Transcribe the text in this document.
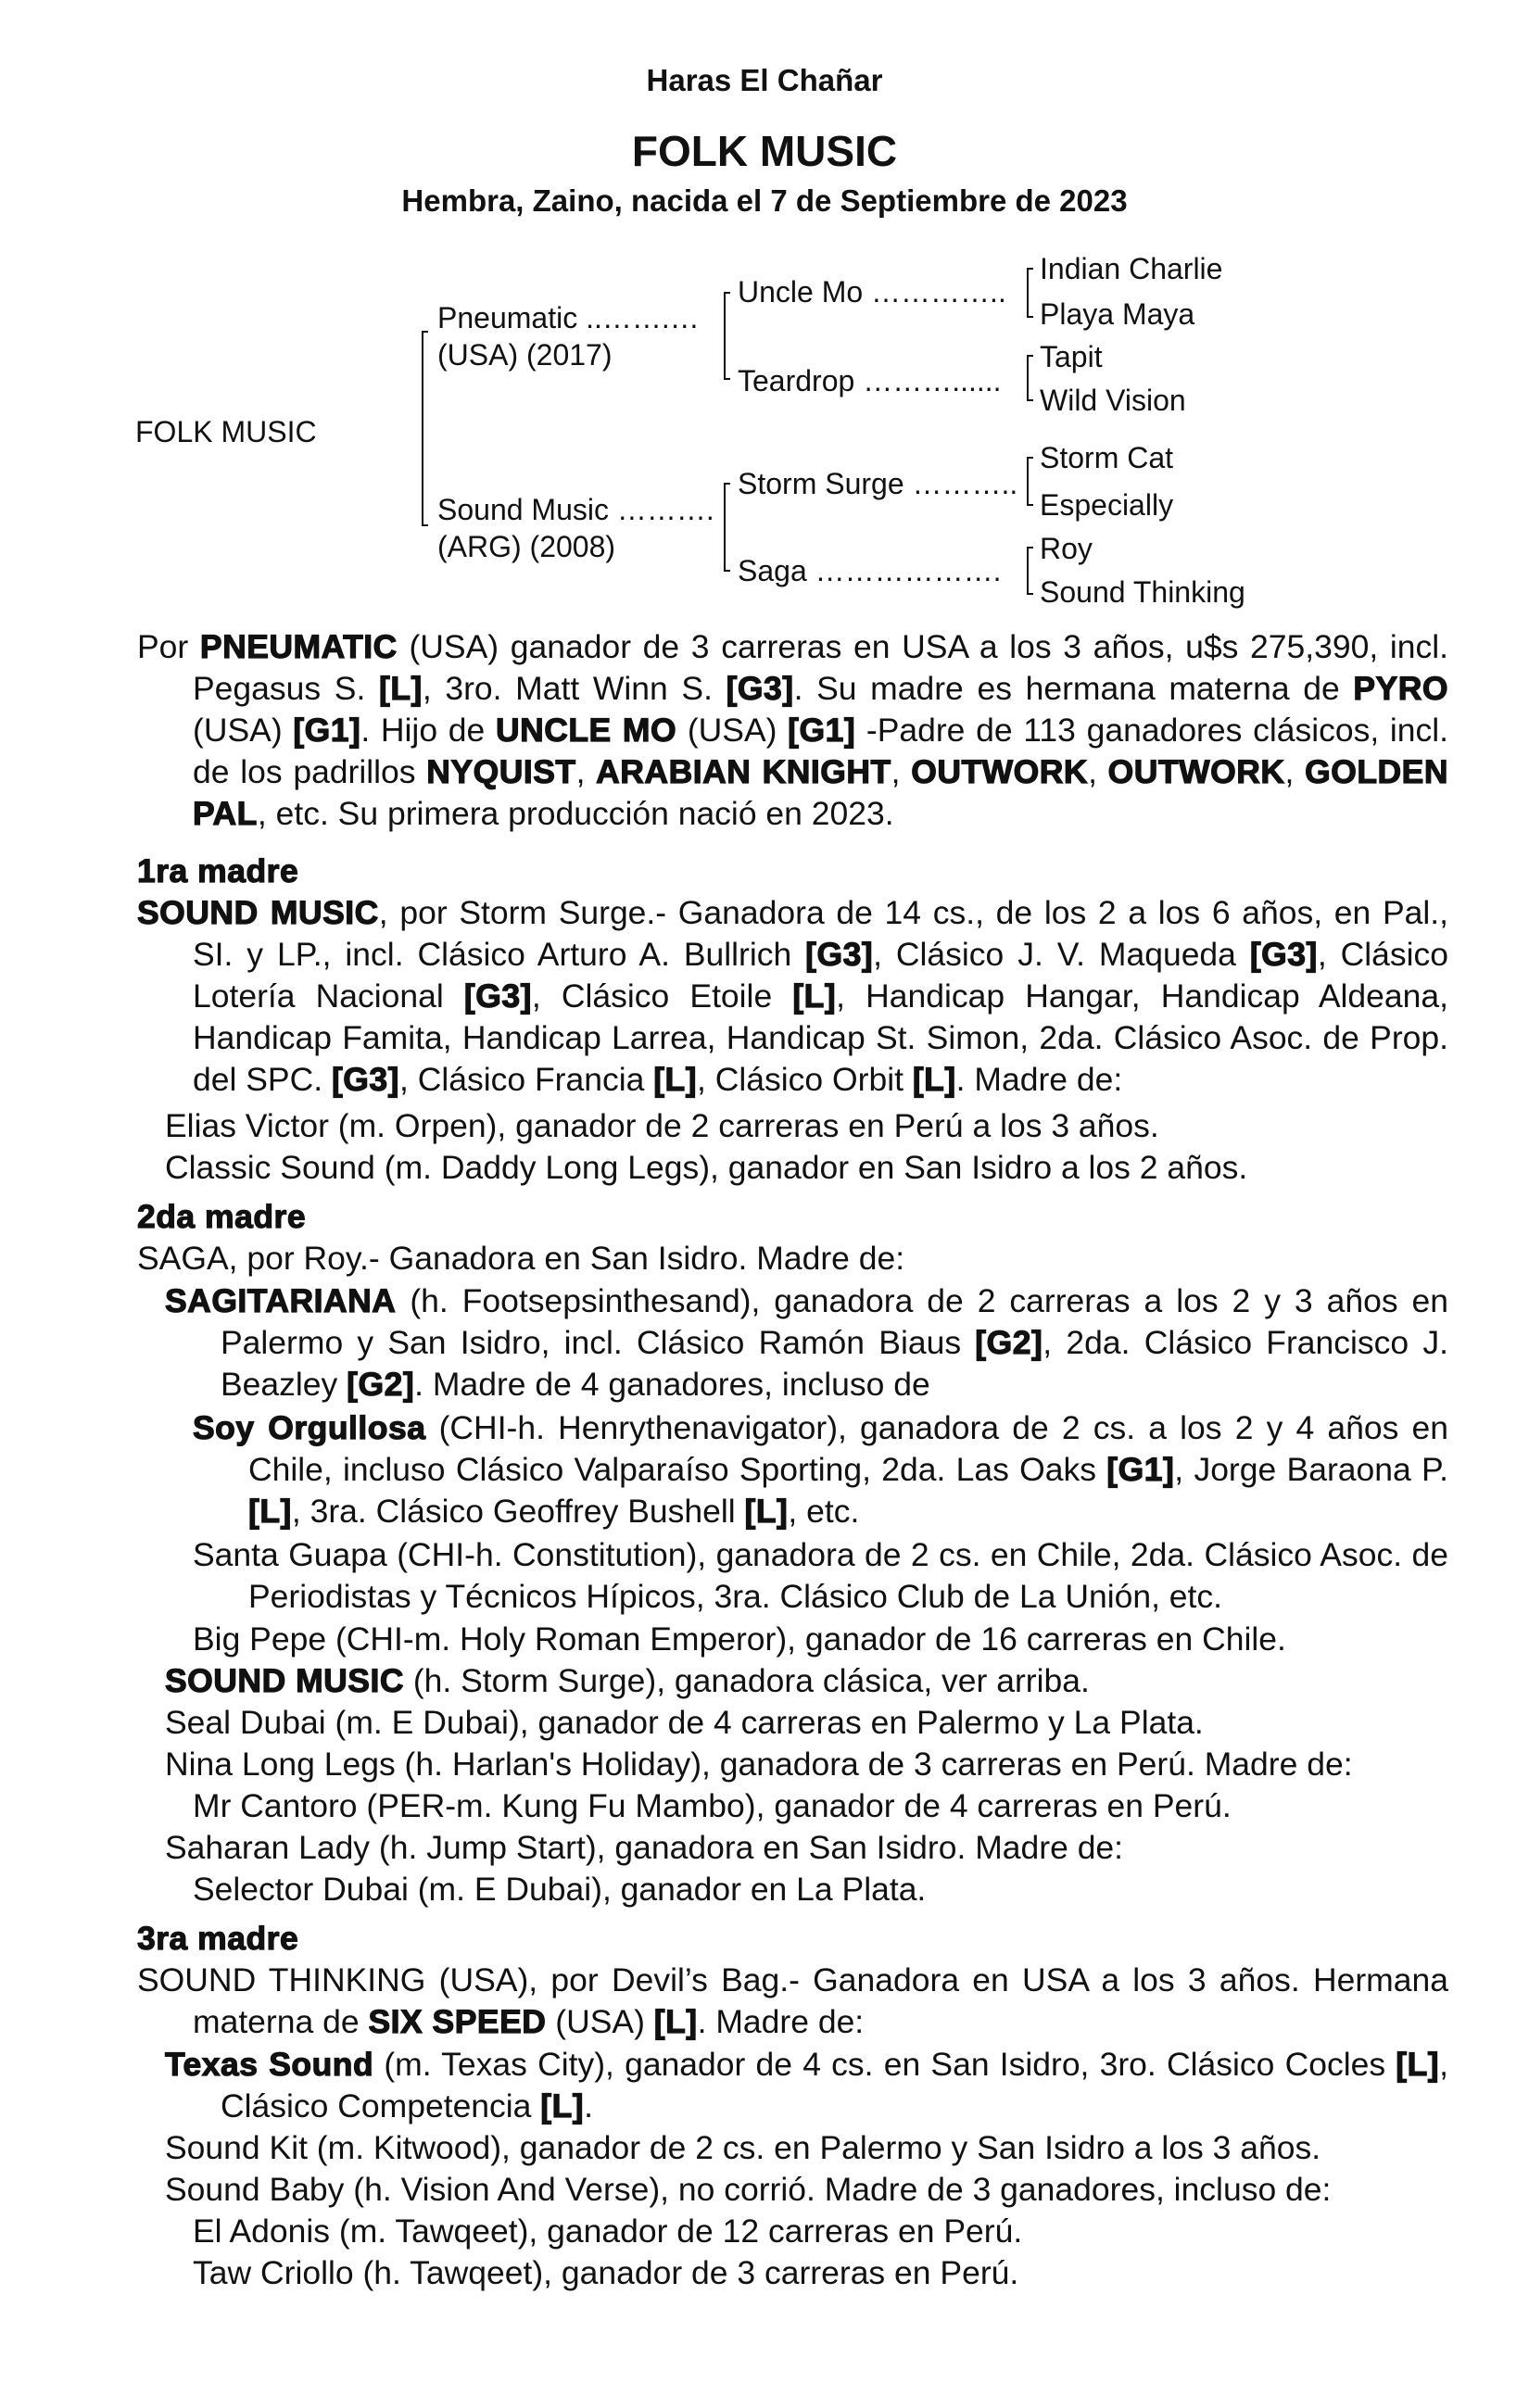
Haras El Chañar
FOLK MUSIC
Hembra, Zaino, nacida el 7 de Septiembre de 2023
FOLK MUSIC
Pneumatic ..…….…
(USA) (2017)
Sound Music ……….
(ARG) (2008)
Uncle Mo …………..
Teardrop ………......
Storm Surge ………..
Saga ……………….
Indian Charlie
Playa Maya
Tapit
Wild Vision
Storm Cat
Especially
Roy
Sound Thinking
Por PNEUMATIC (USA) ganador de 3 carreras en USA a los 3 años, u$s 275,390, incl. Pegasus S. [L], 3ro. Matt Winn S. [G3]. Su madre es hermana materna de PYRO (USA) [G1]. Hijo de UNCLE MO (USA) [G1] -Padre de 113 ganadores clásicos, incl. de los padrillos NYQUIST, ARABIAN KNIGHT, OUTWORK, OUTWORK, GOLDEN PAL, etc. Su primera producción nació en 2023.
1ra madre
SOUND MUSIC, por Storm Surge.- Ganadora de 14 cs., de los 2 a los 6 años, en Pal., SI. y LP., incl. Clásico Arturo A. Bullrich [G3], Clásico J. V. Maqueda [G3], Clásico Lotería Nacional [G3], Clásico Etoile [L], Handicap Hangar, Handicap Aldeana, Handicap Famita, Handicap Larrea, Handicap St. Simon, 2da. Clásico Asoc. de Prop. del SPC. [G3], Clásico Francia [L], Clásico Orbit [L]. Madre de:
Elias Victor (m. Orpen), ganador de 2 carreras en Perú a los 3 años.
Classic Sound (m. Daddy Long Legs), ganador en San Isidro a los 2 años.
2da madre
SAGA, por Roy.- Ganadora en San Isidro. Madre de:
SAGITARIANA (h. Footsepsinthesand), ganadora de 2 carreras a los 2 y 3 años en Palermo y San Isidro, incl. Clásico Ramón Biaus [G2], 2da. Clásico Francisco J. Beazley [G2]. Madre de 4 ganadores, incluso de
Soy Orgullosa (CHI-h. Henrythenavigator), ganadora de 2 cs. a los 2 y 4 años en Chile, incluso Clásico Valparaíso Sporting, 2da. Las Oaks [G1], Jorge Baraona P. [L], 3ra. Clásico Geoffrey Bushell [L], etc.
Santa Guapa (CHI-h. Constitution), ganadora de 2 cs. en Chile, 2da. Clásico Asoc. de Periodistas y Técnicos Hípicos, 3ra. Clásico Club de La Unión, etc.
Big Pepe (CHI-m. Holy Roman Emperor), ganador de 16 carreras en Chile.
SOUND MUSIC (h. Storm Surge), ganadora clásica, ver arriba.
Seal Dubai (m. E Dubai), ganador de 4 carreras en Palermo y La Plata.
Nina Long Legs (h. Harlan's Holiday), ganadora de 3 carreras en Perú. Madre de:
Mr Cantoro (PER-m. Kung Fu Mambo), ganador de 4 carreras en Perú.
Saharan Lady (h. Jump Start), ganadora en San Isidro. Madre de:
Selector Dubai (m. E Dubai), ganador en La Plata.
3ra madre
SOUND THINKING (USA), por Devil’s Bag.- Ganadora en USA a los 3 años. Hermana materna de SIX SPEED (USA) [L]. Madre de:
Texas Sound (m. Texas City), ganador de 4 cs. en San Isidro, 3ro. Clásico Cocles [L], Clásico Competencia [L].
Sound Kit (m. Kitwood), ganador de 2 cs. en Palermo y San Isidro a los 3 años.
Sound Baby (h. Vision And Verse), no corrió. Madre de 3 ganadores, incluso de:
El Adonis (m. Tawqeet), ganador de 12 carreras en Perú.
Taw Criollo (h. Tawqeet), ganador de 3 carreras en Perú.
